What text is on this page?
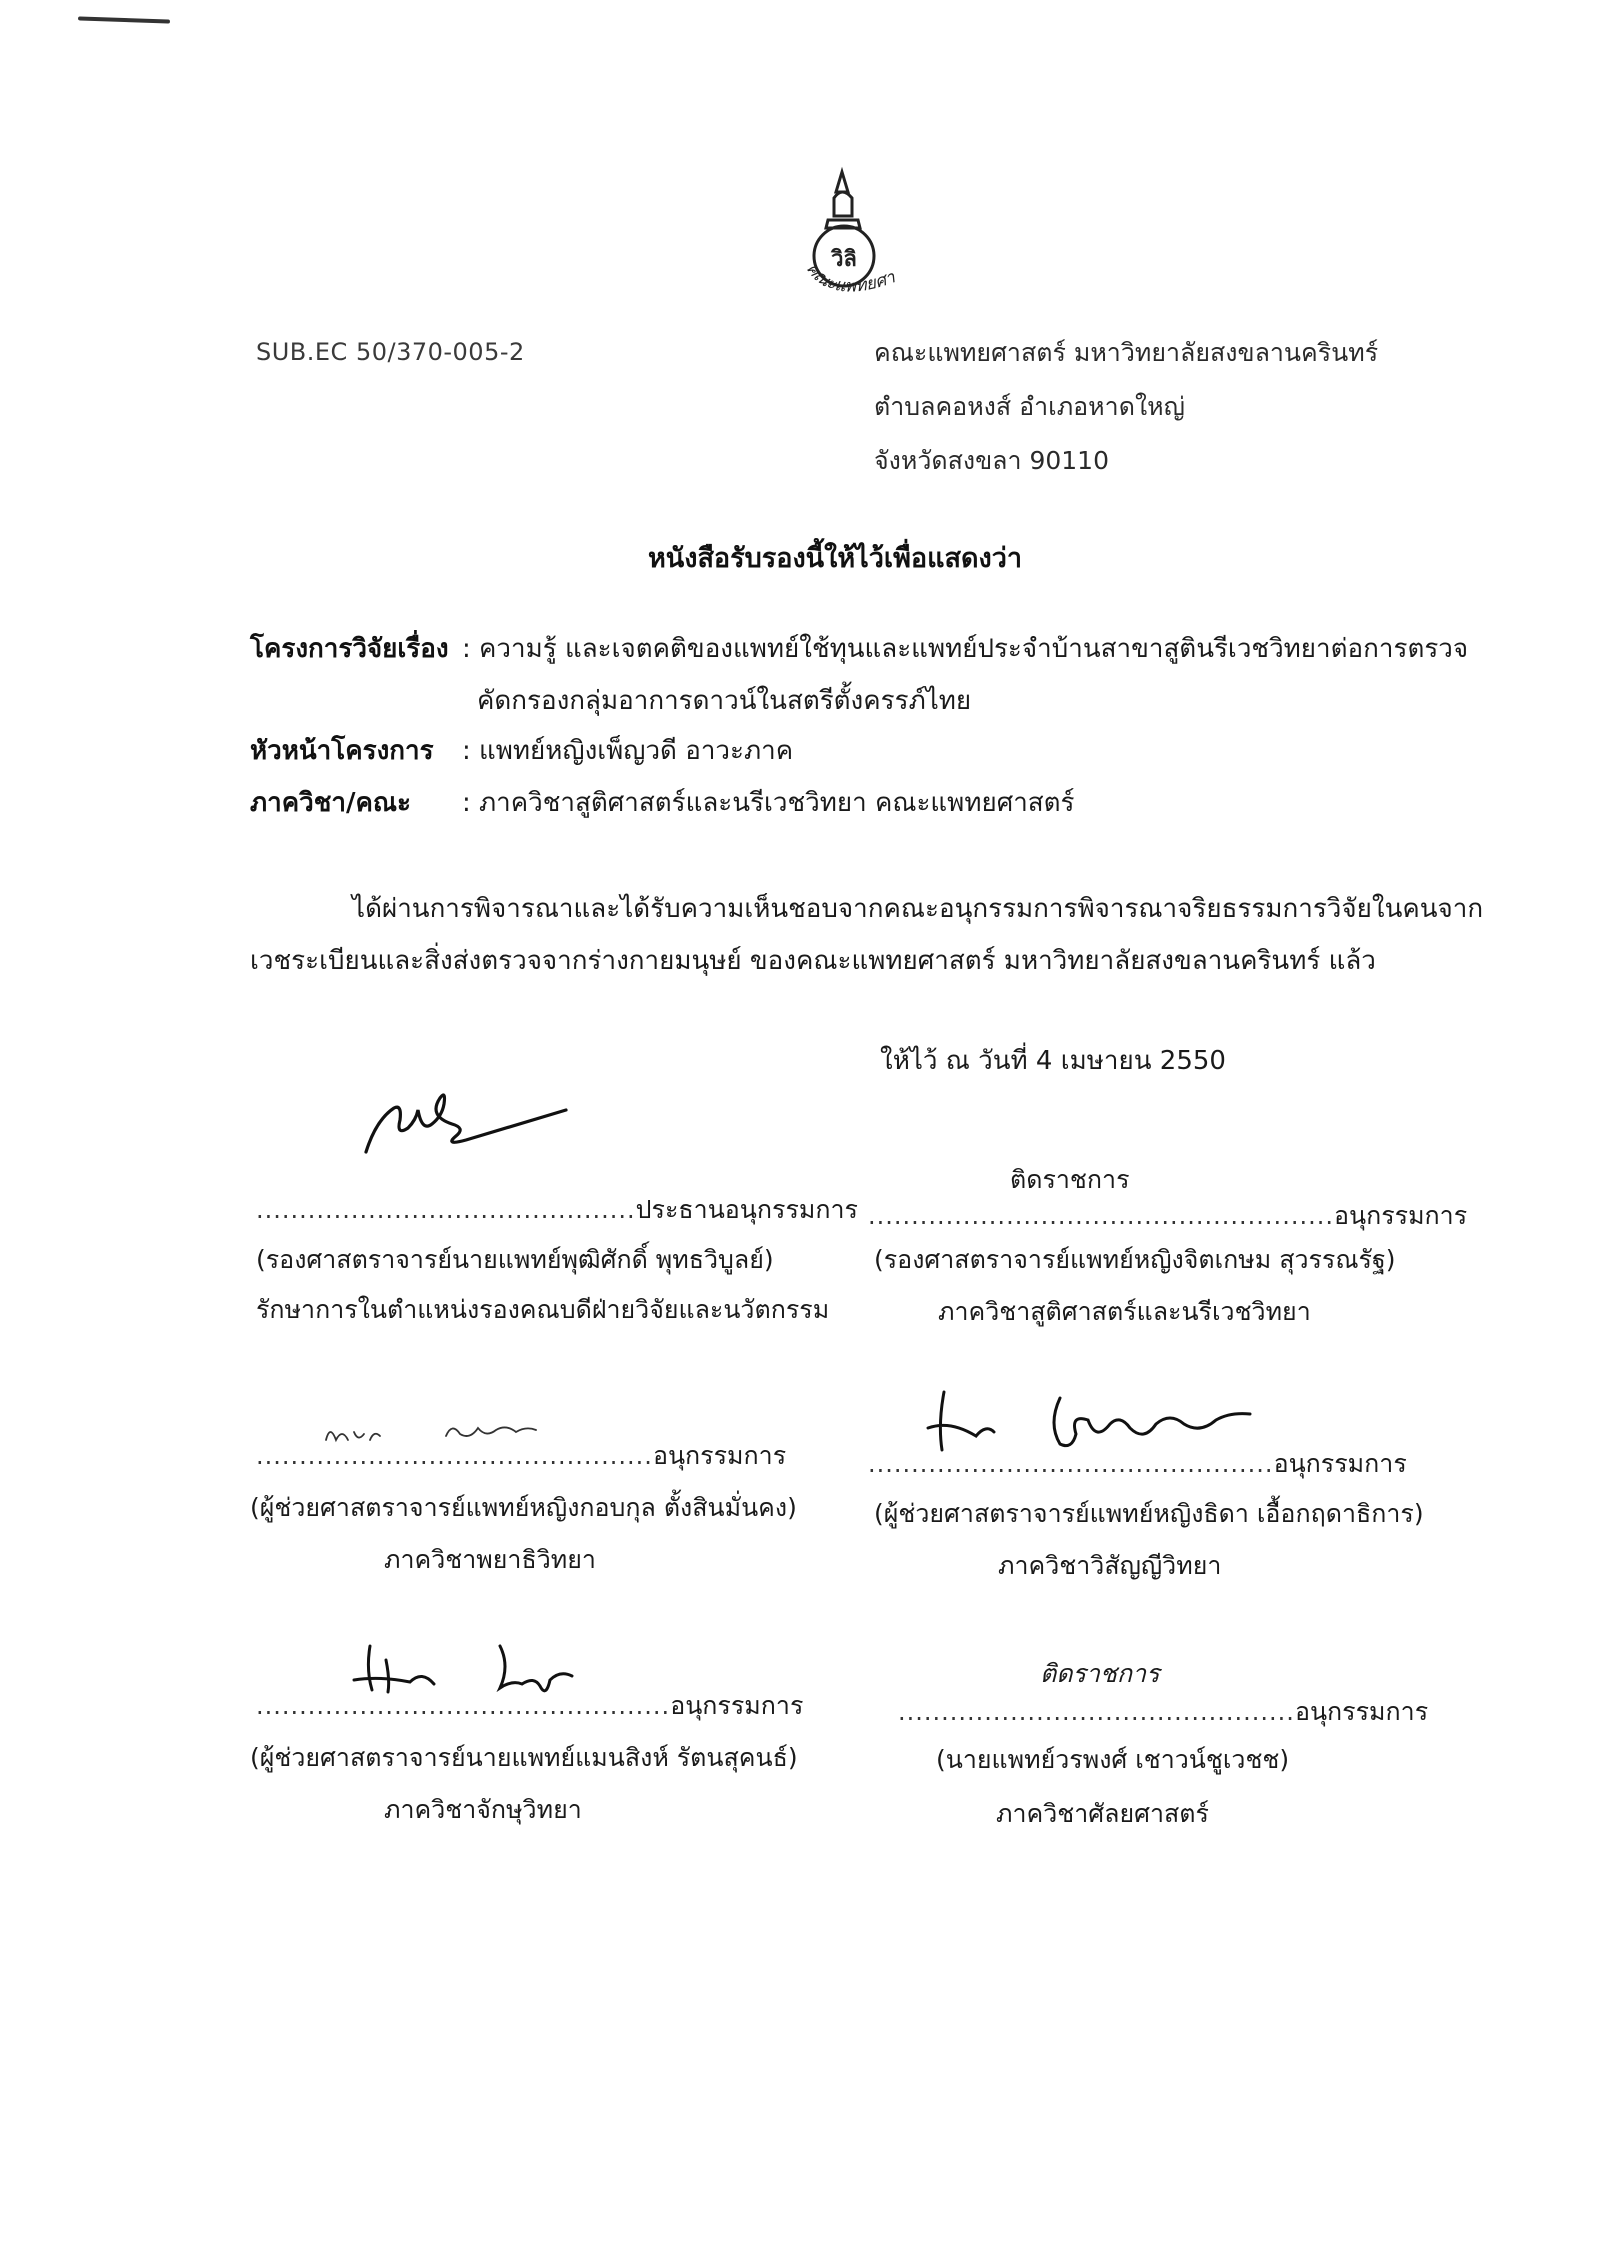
วิลิ
คณะแพทยศาสตร์
SUB.EC 50/370-005-2	คณะแพทยศาสตร์ มหาวิทยาลัยสงขลานครินทร์
ตำบลคอหงส์ อำเภอหาดใหญ่
จังหวัดสงขลา 90110
หนังสือรับรองนี้ให้ไว้เพื่อแสดงว่า
โครงการวิจัยเรื่อง : ความรู้ และเจตคติของแพทย์ใช้ทุนและแพทย์ประจำบ้านสาขาสูตินรีเวชวิทยาต่อการตรวจ
คัดกรองกลุ่มอาการดาวน์ในสตรีตั้งครรภ์ไทย
หัวหน้าโครงการ : แพทย์หญิงเพ็ญวดี อาวะภาค
ภาควิชา/คณะ : ภาควิชาสูติศาสตร์และนรีเวชวิทยา คณะแพทยศาสตร์
ได้ผ่านการพิจารณาและได้รับความเห็นชอบจากคณะอนุกรรมการพิจารณาจริยธรรมการวิจัยในคนจาก
เวชระเบียนและสิ่งส่งตรวจจากร่างกายมนุษย์ ของคณะแพทยศาสตร์ มหาวิทยาลัยสงขลานครินทร์ แล้ว
ให้ไว้ ณ วันที่ 4 เมษายน 2550
............................................ประธานอนุกรรมการ
(รองศาสตราจารย์นายแพทย์พุฒิศักดิ์ พุทธวิบูลย์)
รักษาการในตำแหน่งรองคณบดีฝ่ายวิจัยและนวัตกรรม
ติดราชการ
......................................................อนุกรรมการ
(รองศาสตราจารย์แพทย์หญิงจิตเกษม สุวรรณรัฐ)
ภาควิชาสูติศาสตร์และนรีเวชวิทยา
..............................................อนุกรรมการ
(ผู้ช่วยศาสตราจารย์แพทย์หญิงกอบกุล ตั้งสินมั่นคง)
ภาควิชาพยาธิวิทยา
...............................................อนุกรรมการ
(ผู้ช่วยศาสตราจารย์แพทย์หญิงธิดา เอื้อกฤดาธิการ)
ภาควิชาวิสัญญีวิทยา
................................................อนุกรรมการ
(ผู้ช่วยศาสตราจารย์นายแพทย์แมนสิงห์ รัตนสุคนธ์)
ภาควิชาจักษุวิทยา
ติดราชการ
..............................................อนุกรรมการ
(นายแพทย์วรพงศ์ เชาวน์ชูเวชช)
ภาควิชาศัลยศาสตร์
